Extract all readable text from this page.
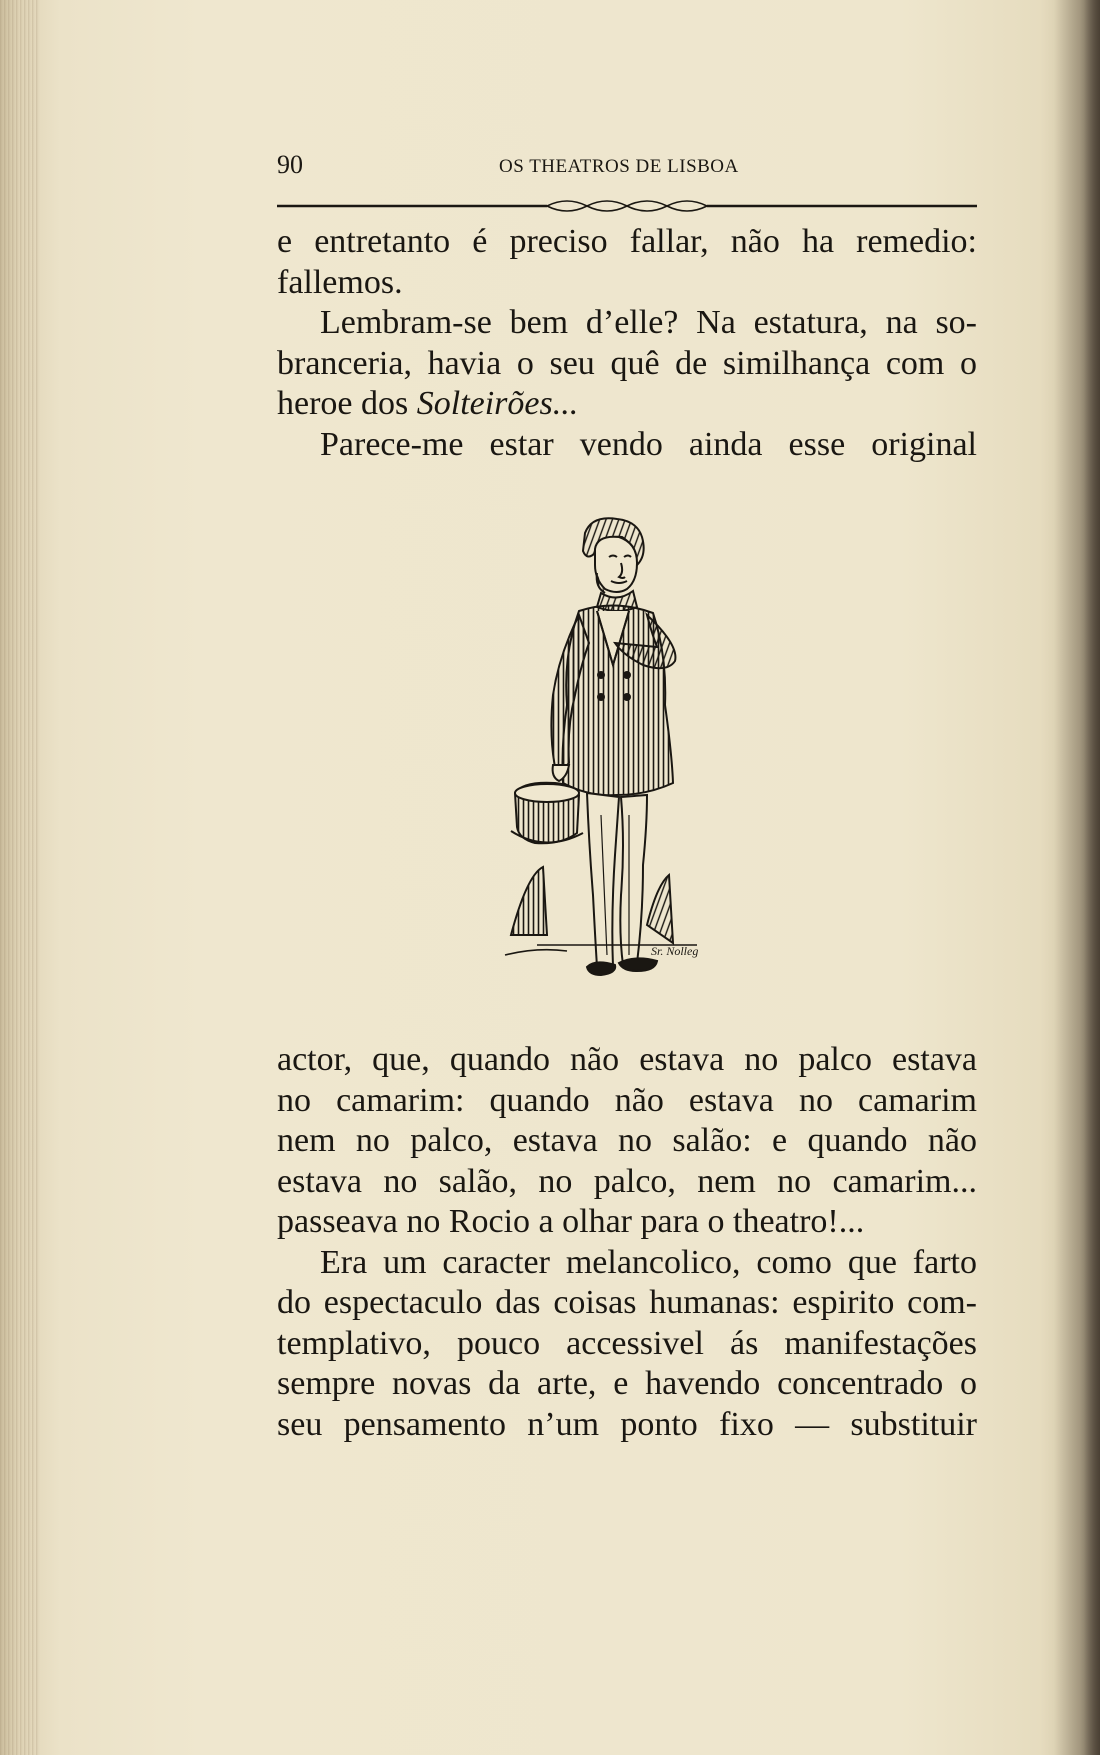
90	OS THEATROS DE LISBOA

e entretanto é preciso fallar, não ha remedio:

fallemos.

Lembram-se bem d’elle? Na estatura, na so-

branceria, havia o seu quê de similhança com o

heroe dos Solteirões...

Parece-me estar vendo ainda esse original

Sr. Nolleg

actor, que, quando não estava no palco estava

no camarim: quando não estava no camarim

nem no palco, estava no salão: e quando não

estava no salão, no palco, nem no camarim...

passeava no Rocio a olhar para o theatro!...

Era um caracter melancolico, como que farto

do espectaculo das coisas humanas: espirito com-

templativo, pouco accessivel ás manifestações

sempre novas da arte, e havendo concentrado o

seu pensamento n’um ponto fixo — substituir
